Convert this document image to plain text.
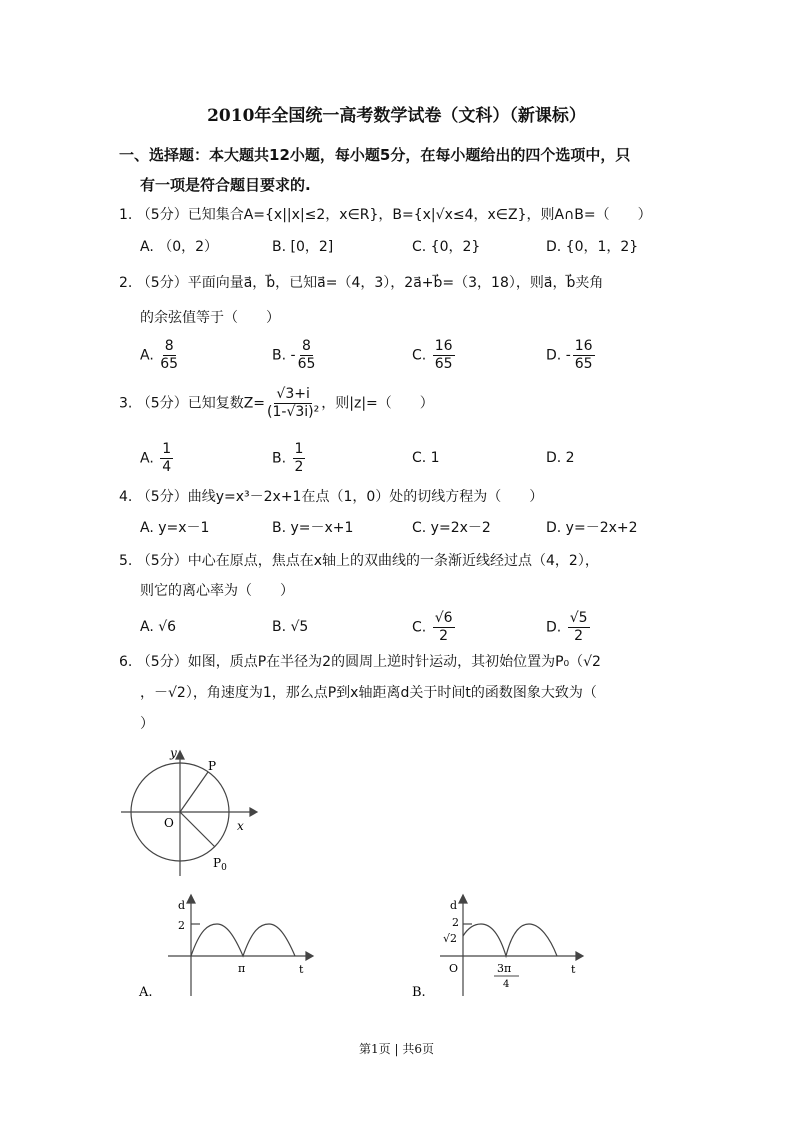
2010年全国统一高考数学试卷（文科）（新课标）
一、选择题：本大题共12小题，每小题5分，在每小题给出的四个选项中，只
有一项是符合题目要求的.
1. （5分）已知集合A={x||x|≤2，x∈R}，B={x|√x≤4，x∈Z}，则A∩B=（　　）
A. （0，2）	B. [0，2]	C. {0，2}	D. {0，1，2}
2. （5分）平面向量a⃗，b⃗，已知a⃗=（4，3），2a⃗+b⃗=（3，18），则a⃗，b⃗夹角
的余弦值等于（　　）
A. $\frac{8}{65}$	B. - $\frac{8}{65}$	C. $\frac{16}{65}$	D. - $\frac{16}{65}$
3. （5分）已知复数$Z= \frac{√3+i}{\text{(1-√3i)²}}$ ，则|z|=（　　）
A. $\frac{1}{4}$	B. $\frac{1}{2}$	C. 1	D. 2
4. （5分）曲线y=x³－2x+1在点（1，0）处的切线方程为（　　）
A. y=x－1	B. y=－x+1	C. y=2x－2	D. y=－2x+2
5. （5分）中心在原点，焦点在x轴上的双曲线的一条渐近线经过点（4，2），
则它的离心率为（　　）
A. √6	B. √5	C. $\frac{√6}{2}$	D. $\frac{√5}{2}$
6. （5分）如图，质点P在半径为2的圆周上逆时针运动，其初始位置为P₀（√2
，－√2），角速度为1，那么点P到x轴距离d关于时间t的函数图象大致为（
）
y
x
O
P
$P_0$
d
2
π	t
A.
d
2
√2
O	3π
4
t
B.
第1页 | 共6页
